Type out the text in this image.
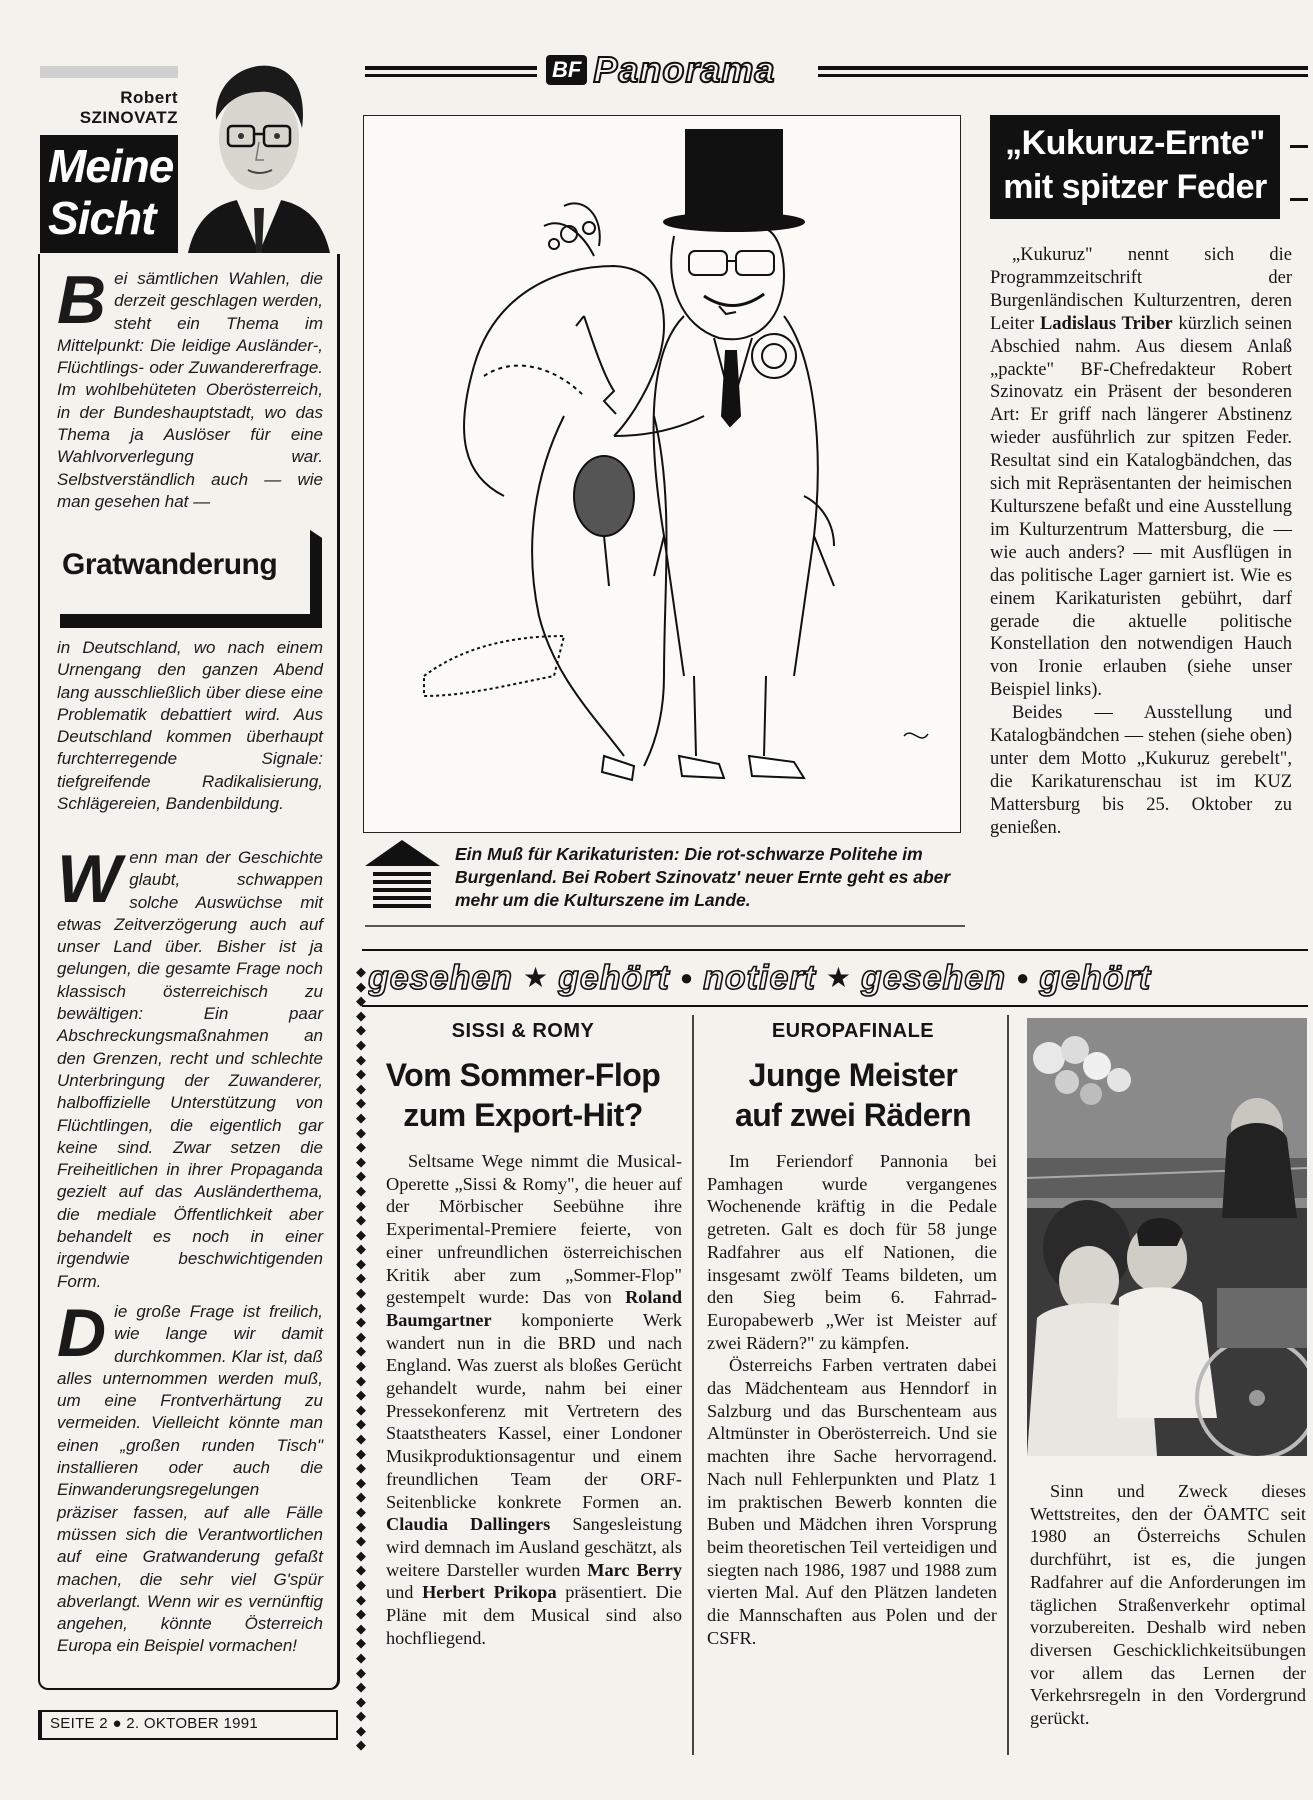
Robert
SZINOVATZ
Meine
Sicht

Bei sämtlichen Wahlen, die derzeit geschlagen werden, steht ein Thema im Mittelpunkt: Die leidige Ausländer-, Flüchtlings- oder Zuwandererfrage. Im wohlbehüteten Oberösterreich, in der Bundeshauptstadt, wo das Thema ja Auslöser für eine Wahlvorverlegung war. Selbstverständlich auch — wie man gesehen hat —

Gratwanderung

in Deutschland, wo nach einem Urnengang den ganzen Abend lang ausschließlich über diese eine Problematik debattiert wird. Aus Deutschland kommen überhaupt furchterregende Signale: tiefgreifende Radikalisierung, Schlägereien, Bandenbildung.

Wenn man der Geschichte glaubt, schwappen solche Auswüchse mit etwas Zeitverzögerung auch auf unser Land über. Bisher ist ja gelungen, die gesamte Frage noch klassisch österreichisch zu bewältigen: Ein paar Abschreckungsmaßnahmen an den Grenzen, recht und schlechte Unterbringung der Zuwanderer, halboffizielle Unterstützung von Flüchtlingen, die eigentlich gar keine sind. Zwar setzen die Freiheitlichen in ihrer Propaganda gezielt auf das Ausländerthema, die mediale Öffentlichkeit aber behandelt es noch in einer irgendwie beschwichtigenden Form.

Die große Frage ist freilich, wie lange wir damit durchkommen. Klar ist, daß alles unternommen werden muß, um eine Frontverhärtung zu vermeiden. Vielleicht könnte man einen „großen runden Tisch" installieren oder auch die Einwanderungsregelungen präziser fassen, auf alle Fälle müssen sich die Verantwortlichen auf eine Gratwanderung gefaßt machen, die sehr viel G'spür abverlangt. Wenn wir es vernünftig angehen, könnte Österreich Europa ein Beispiel vormachen!

SEITE 2 ● 2. OKTOBER 1991
BF Panorama
Ein Muß für Karikaturisten: Die rot-schwarze Politehe im Burgenland. Bei Robert Szinovatz' neuer Ernte geht es aber mehr um die Kulturszene im Lande.
„Kukuruz-Ernte"
mit spitzer Feder

„Kukuruz" nennt sich die Programmzeitschrift der Burgenländischen Kulturzentren, deren Leiter Ladislaus Triber kürzlich seinen Abschied nahm. Aus diesem Anlaß „packte" BF-Chefredakteur Robert Szinovatz ein Präsent der besonderen Art: Er griff nach längerer Abstinenz wieder ausführlich zur spitzen Feder. Resultat sind ein Katalogbändchen, das sich mit Repräsentanten der heimischen Kulturszene befaßt und eine Ausstellung im Kulturzentrum Mattersburg, die — wie auch anders? — mit Ausflügen in das politische Lager garniert ist. Wie es einem Karikaturisten gebührt, darf gerade die aktuelle politische Konstellation den notwendigen Hauch von Ironie erlauben (siehe unser Beispiel links).

Beides — Ausstellung und Katalogbändchen — stehen (siehe oben) unter dem Motto „Kukuruz gerebelt", die Karikaturenschau ist im KUZ Mattersburg bis 25. Oktober zu genießen.

gesehen ★ gehört ● notiert ★ gesehen ● gehört
◆
◆
◆
◆
◆
◆
◆
◆
◆
◆
◆
◆
◆
◆
◆
◆
◆
◆
◆
◆
◆
◆
◆
◆
◆
◆
◆
◆
◆
◆
◆
◆
◆
◆
◆
◆
◆
◆
◆
◆
◆
◆
◆
◆
◆
◆
◆
◆
◆
◆
◆
◆
◆
◆
SISSI & ROMY
Vom Sommer-Flop
zum Export-Hit?

Seltsame Wege nimmt die Musical-Operette „Sissi & Romy", die heuer auf der Mörbischer Seebühne ihre Experimental-Premiere feierte, von einer unfreundlichen österreichischen Kritik aber zum „Sommer-Flop" gestempelt wurde: Das von Roland Baumgartner komponierte Werk wandert nun in die BRD und nach England. Was zuerst als bloßes Gerücht gehandelt wurde, nahm bei einer Pressekonferenz mit Vertretern des Staatstheaters Kassel, einer Londoner Musikproduktionsagentur und einem freundlichen Team der ORF-Seitenblicke konkrete Formen an. Claudia Dallingers Sangesleistung wird demnach im Ausland geschätzt, als weitere Darsteller wurden Marc Berry und Herbert Prikopa präsentiert. Die Pläne mit dem Musical sind also hochfliegend.

EUROPAFINALE
Junge Meister
auf zwei Rädern

Im Feriendorf Pannonia bei Pamhagen wurde vergangenes Wochenende kräftig in die Pedale getreten. Galt es doch für 58 junge Radfahrer aus elf Nationen, die insgesamt zwölf Teams bildeten, um den Sieg beim 6. Fahrrad-Europabewerb „Wer ist Meister auf zwei Rädern?" zu kämpfen.

Österreichs Farben vertraten dabei das Mädchenteam aus Henndorf in Salzburg und das Burschenteam aus Altmünster in Oberösterreich. Und sie machten ihre Sache hervorragend. Nach null Fehlerpunkten und Platz 1 im praktischen Bewerb konnten die Buben und Mädchen ihren Vorsprung beim theoretischen Teil verteidigen und siegten nach 1986, 1987 und 1988 zum vierten Mal. Auf den Plätzen landeten die Mannschaften aus Polen und der CSFR.

Sinn und Zweck dieses Wettstreites, den der ÖAMTC seit 1980 an Österreichs Schulen durchführt, ist es, die jungen Radfahrer auf die Anforderungen im täglichen Straßenverkehr optimal vorzubereiten. Deshalb wird neben diversen Geschicklichkeitsübungen vor allem das Lernen der Verkehrsregeln in den Vordergrund gerückt.
